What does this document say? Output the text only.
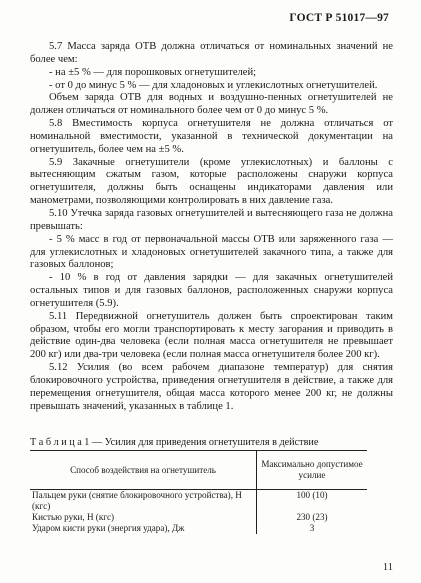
ГОСТ Р 51017—97

5.7 Масса заряда ОТВ должна отличаться от номинальных значений не более чем:

- на ±5 % — для порошковых огнетушителей;

- от 0 до минус 5 % — для хладоновых и углекислотных огнетушителей.

Объем заряда ОТВ для водных и воздушно-пенных огнетушителей не должен отличаться от номинального более чем от 0 до минус 5 %.

5.8 Вместимость корпуса огнетушителя не должна отличаться от номинальной вместимости, указанной в технической документации на огнетушитель, более чем на ±5 %.

5.9 Закачные огнетушители (кроме углекислотных) и баллоны с вытесняющим сжатым газом, которые расположены снаружи корпуса огнетушителя, должны быть оснащены индикаторами давления или манометрами, позволяющими контролировать в них давление газа.

5.10 Утечка заряда газовых огнетушителей и вытесняющего газа не должна превышать:

- 5 % масс в год от первоначальной массы ОТВ или заряженного газа — для углекислотных и хладоновых огнетушителей закачного типа, а также для газовых баллонов;

- 10 % в год от давления зарядки — для закачных огнетушителей остальных типов и для газовых баллонов, расположенных снаружи корпуса огнетушителя (5.9).

5.11 Передвижной огнетушитель должен быть спроектирован таким образом, чтобы его могли транспортировать к месту загорания и приводить в действие один-два человека (если полная масса огнетушителя не превышает 200 кг) или два-три человека (если полная масса огнетушителя более 200 кг).

5.12 Усилия (во всем рабочем диапазоне температур) для снятия блокировочного устройства, приведения огнетушителя в действие, а также для перемещения огнетушителя, общая масса которого менее 200 кг, не должны превышать значений, указанных в таблице 1.

Т а б л и ц а 1 — Усилия для приведения огнетушителя в действие
Способ воздействия на огнетушитель	Максимально допустимое усилие
Пальцем руки (снятие блокировочного устройства), Н (кгс)	100 (10)
Кистью руки, Н (кгс)	230 (23)
Ударом кисти руки (энергия удара), Дж	3
11
